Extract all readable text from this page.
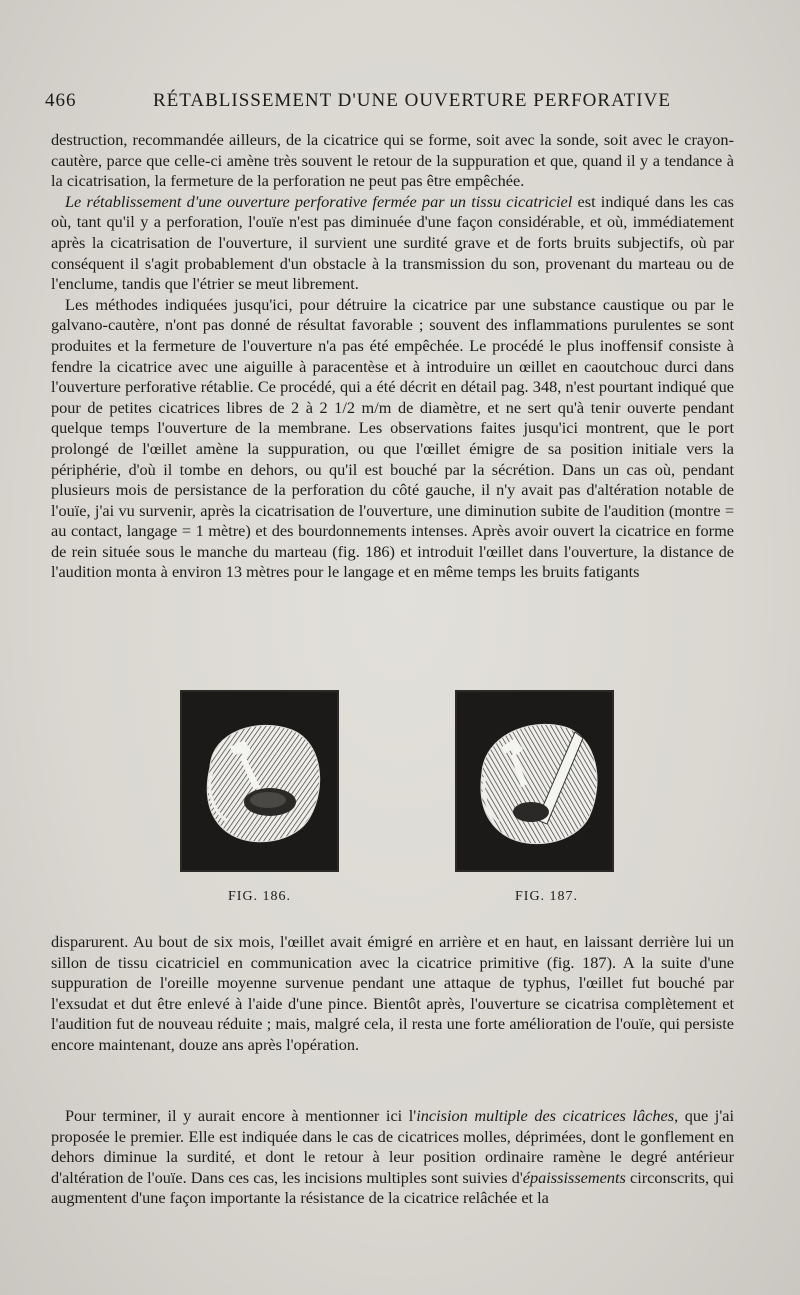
466	RÉTABLISSEMENT D'UNE OUVERTURE PERFORATIVE

destruction, recommandée ailleurs, de la cicatrice qui se forme, soit avec la sonde, soit avec le crayon-cautère, parce que celle-ci amène très souvent le retour de la suppuration et que, quand il y a tendance à la cicatrisation, la fermeture de la perforation ne peut pas être empêchée.

Le rétablissement d'une ouverture perforative fermée par un tissu cicatriciel est indiqué dans les cas où, tant qu'il y a perforation, l'ouïe n'est pas diminuée d'une façon considérable, et où, immédiatement après la cicatrisation de l'ouverture, il survient une surdité grave et de forts bruits subjectifs, où par conséquent il s'agit probablement d'un obstacle à la transmission du son, provenant du marteau ou de l'enclume, tandis que l'étrier se meut librement.

Les méthodes indiquées jusqu'ici, pour détruire la cicatrice par une substance caustique ou par le galvano-cautère, n'ont pas donné de résultat favorable ; souvent des inflammations purulentes se sont produites et la fermeture de l'ouverture n'a pas été empêchée. Le procédé le plus inoffensif consiste à fendre la cicatrice avec une aiguille à paracentèse et à introduire un œillet en caoutchouc durci dans l'ouverture perforative rétablie. Ce procédé, qui a été décrit en détail pag. 348, n'est pourtant indiqué que pour de petites cicatrices libres de 2 à 2 1/2 m/m de diamètre, et ne sert qu'à tenir ouverte pendant quelque temps l'ouverture de la membrane. Les observations faites jusqu'ici montrent, que le port prolongé de l'œillet amène la suppuration, ou que l'œillet émigre de sa position initiale vers la périphérie, d'où il tombe en dehors, ou qu'il est bouché par la sécrétion. Dans un cas où, pendant plusieurs mois de persistance de la perforation du côté gauche, il n'y avait pas d'altération notable de l'ouïe, j'ai vu survenir, après la cicatrisation de l'ouverture, une diminution subite de l'audition (montre = au contact, langage = 1 mètre) et des bourdonnements intenses. Après avoir ouvert la cicatrice en forme de rein située sous le manche du marteau (fig. 186) et introduit l'œillet dans l'ouverture, la distance de l'audition monta à environ 13 mètres pour le langage et en même temps les bruits fatigants

FIG. 186.	FIG. 187.

disparurent. Au bout de six mois, l'œillet avait émigré en arrière et en haut, en laissant derrière lui un sillon de tissu cicatriciel en communication avec la cicatrice primitive (fig. 187). A la suite d'une suppuration de l'oreille moyenne survenue pendant une attaque de typhus, l'œillet fut bouché par l'exsudat et dut être enlevé à l'aide d'une pince. Bientôt après, l'ouverture se cicatrisa complètement et l'audition fut de nouveau réduite ; mais, malgré cela, il resta une forte amélioration de l'ouïe, qui persiste encore maintenant, douze ans après l'opération.

Pour terminer, il y aurait encore à mentionner ici l'incision multiple des cicatrices lâches, que j'ai proposée le premier. Elle est indiquée dans le cas de cicatrices molles, déprimées, dont le gonflement en dehors diminue la surdité, et dont le retour à leur position ordinaire ramène le degré antérieur d'altération de l'ouïe. Dans ces cas, les incisions multiples sont suivies d'épaississements circonscrits, qui augmentent d'une façon importante la résistance de la cicatrice relâchée et la
